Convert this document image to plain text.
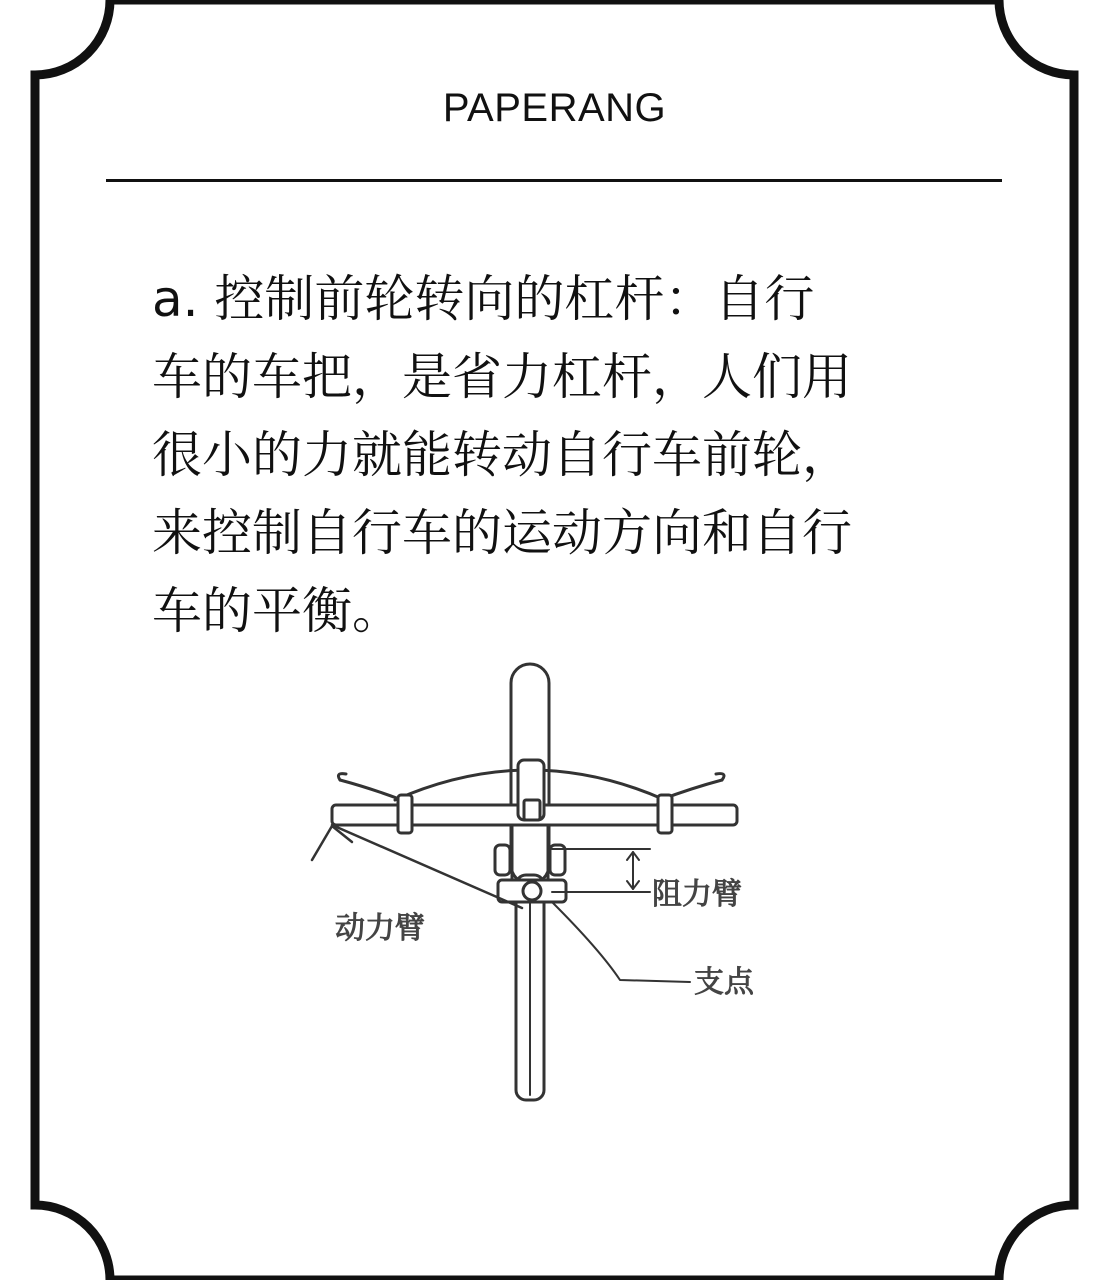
PAPERANG

a. 控制前轮转向的杠杆：自行
车的车把，是省力杠杆，人们用
很小的力就能转动自行车前轮，
来控制自行车的运动方向和自行
车的平衡。

阻力臂
动力臂
支点
